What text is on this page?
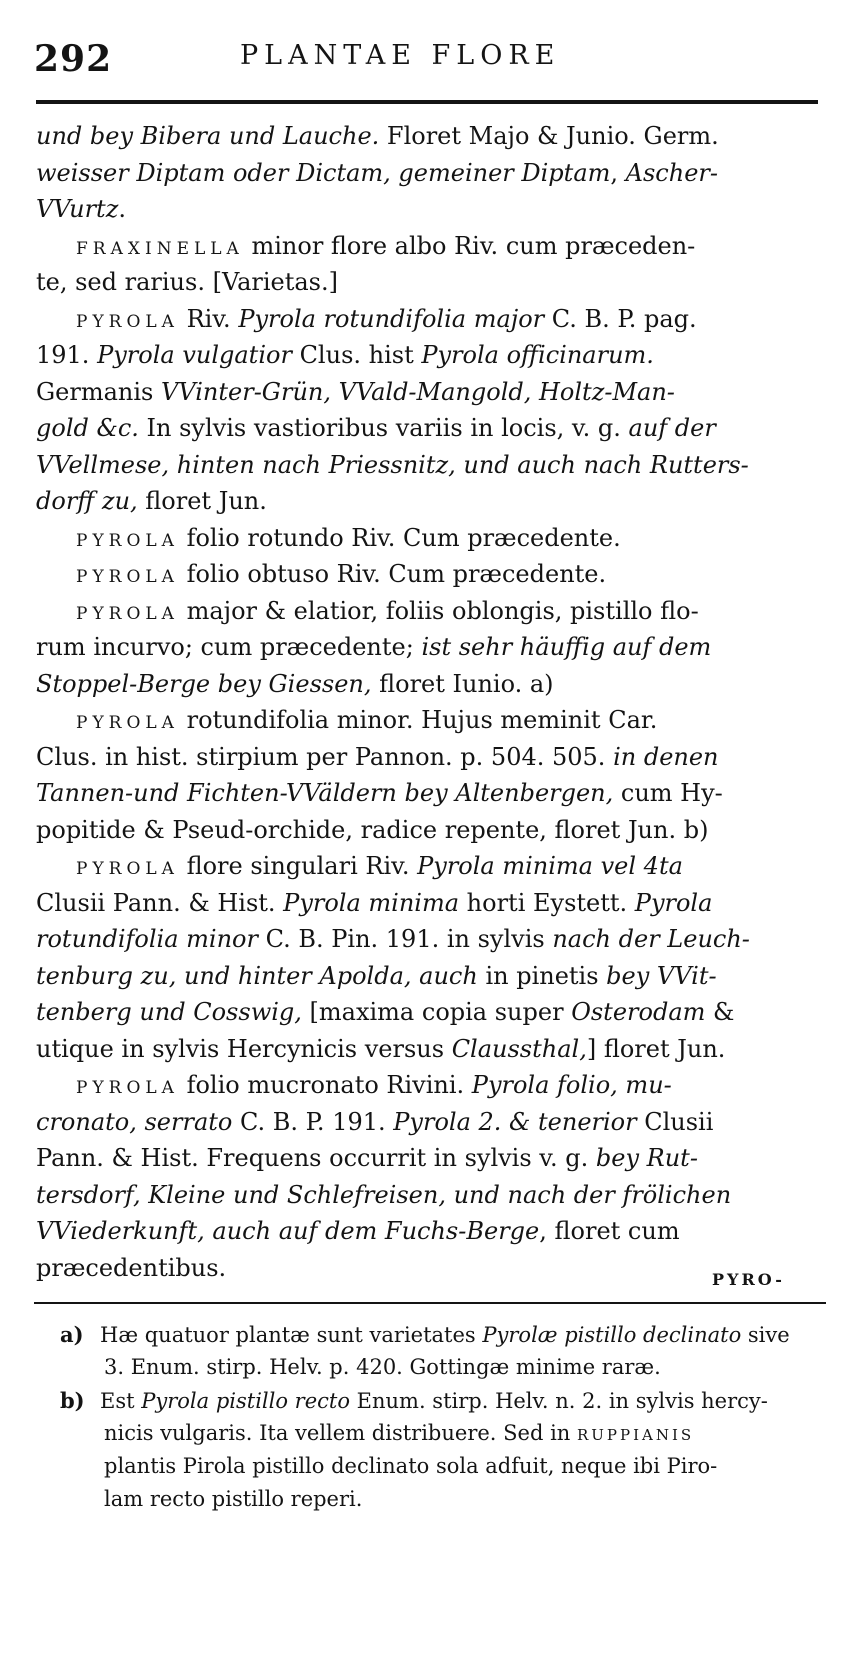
292	PLANTAE FLORE
und bey Bibera und Lauche. Floret Majo & Junio. Germ.
weisser Diptam oder Dictam, gemeiner Diptam, Ascher-
VVurtz.
FRAXINELLA minor flore albo Riv. cum præceden-
te, sed rarius. [Varietas.]
PYROLA Riv. Pyrola rotundifolia major C. B. P. pag.
191. Pyrola vulgatior Clus. hist Pyrola officinarum.
Germanis VVinter-Grün, VVald-Mangold, Holtz-Man-
gold &c. In sylvis vastioribus variis in locis, v. g. auf der
VVellmese, hinten nach Priessnitz, und auch nach Rutters-
dorff zu, floret Jun.
PYROLA folio rotundo Riv. Cum præcedente.
PYROLA folio obtuso Riv. Cum præcedente.
PYROLA major & elatior, foliis oblongis, pistillo flo-
rum incurvo; cum præcedente; ist sehr häuffig auf dem
Stoppel-Berge bey Giessen, floret Iunio. a)
PYROLA rotundifolia minor. Hujus meminit Car.
Clus. in hist. stirpium per Pannon. p. 504. 505. in denen
Tannen-und Fichten-VVäldern bey Altenbergen, cum Hy-
popitide & Pseud-orchide, radice repente, floret Jun. b)
PYROLA flore singulari Riv. Pyrola minima vel 4ta
Clusii Pann. & Hist. Pyrola minima horti Eystett. Pyrola
rotundifolia minor C. B. Pin. 191. in sylvis nach der Leuch-
tenburg zu, und hinter Apolda, auch in pinetis bey VVit-
tenberg und Cosswig, [maxima copia super Osterodam &
utique in sylvis Hercynicis versus Claussthal,] floret Jun.
PYROLA folio mucronato Rivini. Pyrola folio, mu-
cronato, serrato C. B. P. 191. Pyrola 2. & tenerior Clusii
Pann. & Hist. Frequens occurrit in sylvis v. g. bey Rut-
tersdorf, Kleine und Schlefreisen, und nach der frölichen
VViederkunft, auch auf dem Fuchs-Berge, floret cum
præcedentibus.	PYRO-
a) Hæ quatuor plantæ sunt varietates Pyrolæ pistillo declinato sive
3. Enum. stirp. Helv. p. 420. Gottingæ minime raræ.
b) Est Pyrola pistillo recto Enum. stirp. Helv. n. 2. in sylvis hercy-
nicis vulgaris. Ita vellem distribuere. Sed in RUPPIANIS
plantis Pirola pistillo declinato sola adfuit, neque ibi Piro-
lam recto pistillo reperi.
